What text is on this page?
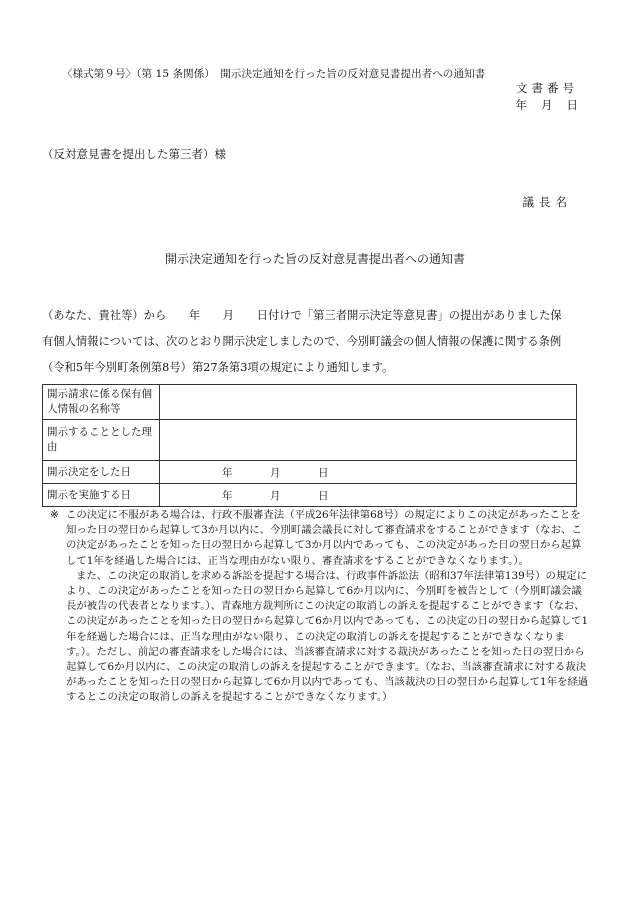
〈様式第９号〉（第 15 条関係）　開示決定通知を行った旨の反対意見書提出者への通知書
文書番号
年 月 日
（反対意見書を提出した第三者）様
議長名
開示決定通知を行った旨の反対意見書提出者への通知書
（あなた、貴社等）から　　年　　月　　日付けで「第三者開示決定等意見書」の提出がありました保
有個人情報については、次のとおり開示決定しましたので、今別町議会の個人情報の保護に関する条例
（令和5年今別町条例第8号）第27条第3項の規定により通知します。
開示請求に係る保有個人情報の名称等	
開示することとした理由	
開示決定をした日	年 月 日
開示を実施する日	年 月 日
※ この決定に不服がある場合は、行政不服審査法（平成26年法律第68号）の規定によりこの決定があったことを知った日の翌日から起算して3か月以内に、今別町議会議長に対して審査請求をすることができます（なお、この決定があったことを知った日の翌日から起算して3か月以内であっても、この決定があった日の翌日から起算して1年を経過した場合には、正当な理由がない限り、審査請求をすることができなくなります。）。
また、この決定の取消しを求める訴訟を提起する場合は、行政事件訴訟法（昭和37年法律第139号）の規定により、この決定があったことを知った日の翌日から起算して6か月以内に、今別町を被告として（今別町議会議長が被告の代表者となります。）、青森地方裁判所にこの決定の取消しの訴えを提起することができます（なお、この決定があったことを知った日の翌日から起算して6か月以内であっても、この決定の日の翌日から起算して1年を経過した場合には、正当な理由がない限り、この決定の取消しの訴えを提起することができなくなります。）。ただし、前記の審査請求をした場合には、当該審査請求に対する裁決があったことを知った日の翌日から起算して6か月以内に、この決定の取消しの訴えを提起することができます。（なお、当該審査請求に対する裁決があったことを知った日の翌日から起算して6か月以内であっても、当該裁決の日の翌日から起算して1年を経過するとこの決定の取消しの訴えを提起することができなくなります。）
